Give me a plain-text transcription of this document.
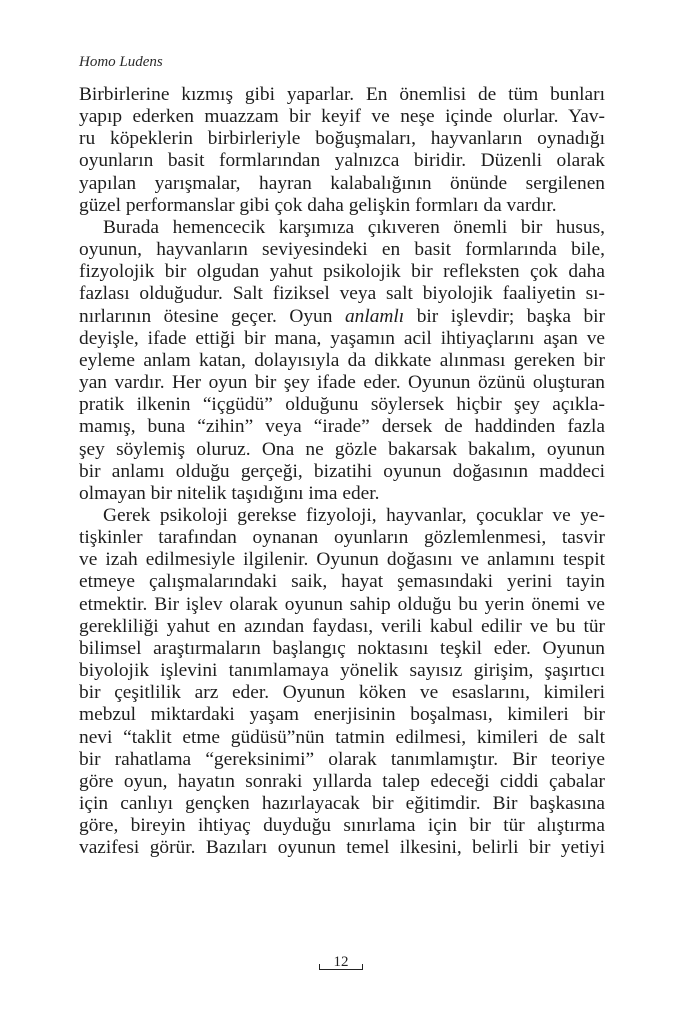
Homo Ludens
Birbirlerine kızmış gibi yaparlar. En önemlisi de tüm bunları
yapıp ederken muazzam bir keyif ve neşe içinde olurlar. Yav-
ru köpeklerin birbirleriyle boğuşmaları, hayvanların oynadığı
oyunların basit formlarından yalnızca biridir. Düzenli olarak
yapılan yarışmalar, hayran kalabalığının önünde sergilenen
güzel performanslar gibi çok daha gelişkin formları da vardır.
Burada hemencecik karşımıza çıkıveren önemli bir husus,
oyunun, hayvanların seviyesindeki en basit formlarında bile,
fizyolojik bir olgudan yahut psikolojik bir refleksten çok daha
fazlası olduğudur. Salt fiziksel veya salt biyolojik faaliyetin sı-
nırlarının ötesine geçer. Oyun anlamlı bir işlevdir; başka bir
deyişle, ifade ettiği bir mana, yaşamın acil ihtiyaçlarını aşan ve
eyleme anlam katan, dolayısıyla da dikkate alınması gereken bir
yan vardır. Her oyun bir şey ifade eder. Oyunun özünü oluşturan
pratik ilkenin “içgüdü” olduğunu söylersek hiçbir şey açıkla-
mamış, buna “zihin” veya “irade” dersek de haddinden fazla
şey söylemiş oluruz. Ona ne gözle bakarsak bakalım, oyunun
bir anlamı olduğu gerçeği, bizatihi oyunun doğasının maddeci
olmayan bir nitelik taşıdığını ima eder.
Gerek psikoloji gerekse fizyoloji, hayvanlar, çocuklar ve ye-
tişkinler tarafından oynanan oyunların gözlemlenmesi, tasvir
ve izah edilmesiyle ilgilenir. Oyunun doğasını ve anlamını tespit
etmeye çalışmalarındaki saik, hayat şemasındaki yerini tayin
etmektir. Bir işlev olarak oyunun sahip olduğu bu yerin önemi ve
gerekliliği yahut en azından faydası, verili kabul edilir ve bu tür
bilimsel araştırmaların başlangıç noktasını teşkil eder. Oyunun
biyolojik işlevini tanımlamaya yönelik sayısız girişim, şaşırtıcı
bir çeşitlilik arz eder. Oyunun köken ve esaslarını, kimileri
mebzul miktardaki yaşam enerjisinin boşalması, kimileri bir
nevi “taklit etme güdüsü”nün tatmin edilmesi, kimileri de salt
bir rahatlama “gereksinimi” olarak tanımlamıştır. Bir teoriye
göre oyun, hayatın sonraki yıllarda talep edeceği ciddi çabalar
için canlıyı gençken hazırlayacak bir eğitimdir. Bir başkasına
göre, bireyin ihtiyaç duyduğu sınırlama için bir tür alıştırma
vazifesi görür. Bazıları oyunun temel ilkesini, belirli bir yetiyi
12
